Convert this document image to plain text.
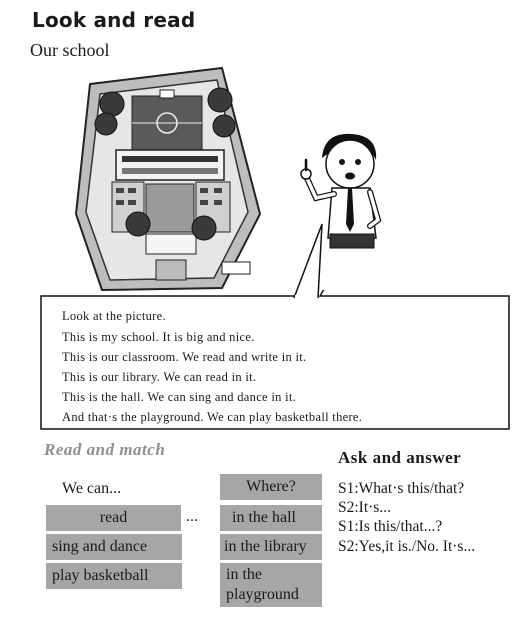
Look and read
Our school
Look at the picture.
This is my school. It is big and nice.
This is our classroom. We read and write in it.
This is our library. We can read in it.
This is the hall. We can sing and dance in it.
And that·s the playground. We can play basketball there.
Read and match
We can...	Where?
read	...
sing and dance
play basketball
in the hall
in the library
in the
playground
Ask and answer
S1:What·s this/that?
S2:It·s...
S1:Is this/that...?
S2:Yes,it is./No. It·s...
